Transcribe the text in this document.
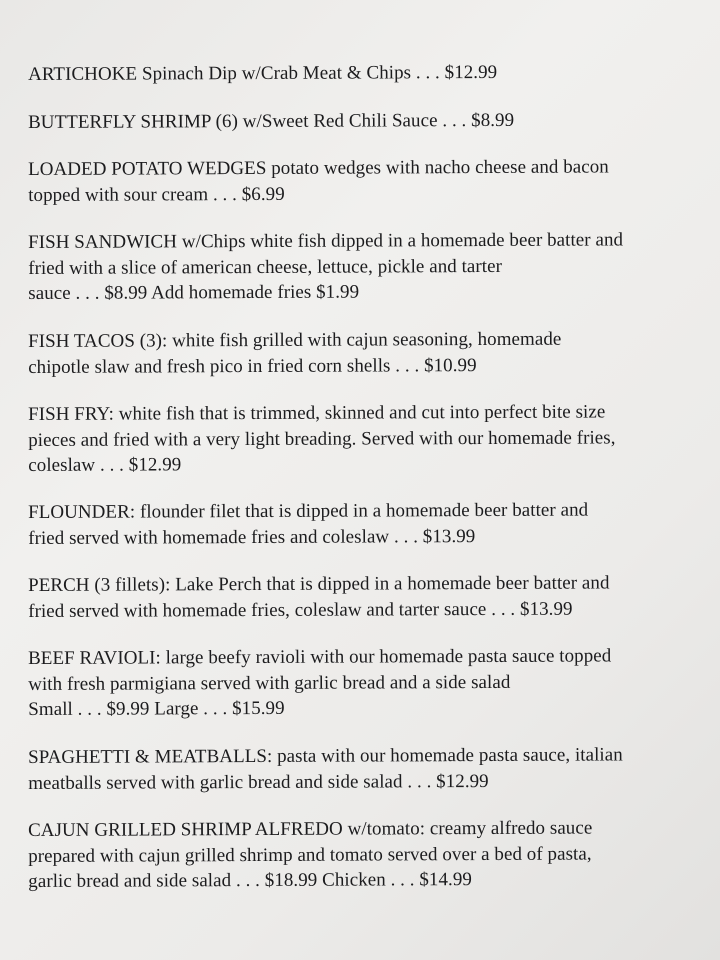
ARTICHOKE Spinach Dip w/Crab Meat & Chips . . . $12.99
BUTTERFLY SHRIMP (6) w/Sweet Red Chili Sauce . . . $8.99
LOADED POTATO WEDGES potato wedges with nacho cheese and bacon
topped with sour cream . . . $6.99
FISH SANDWICH w/Chips white fish dipped in a homemade beer batter and
fried with a slice of american cheese, lettuce, pickle and tarter
sauce . . . $8.99 Add homemade fries $1.99
FISH TACOS (3): white fish grilled with cajun seasoning, homemade
chipotle slaw and fresh pico in fried corn shells . . . $10.99
FISH FRY: white fish that is trimmed, skinned and cut into perfect bite size
pieces and fried with a very light breading. Served with our homemade fries,
coleslaw . . . $12.99
FLOUNDER: flounder filet that is dipped in a homemade beer batter and
fried served with homemade fries and coleslaw . . . $13.99
PERCH (3 fillets): Lake Perch that is dipped in a homemade beer batter and
fried served with homemade fries, coleslaw and tarter sauce . . . $13.99
BEEF RAVIOLI: large beefy ravioli with our homemade pasta sauce topped
with fresh parmigiana served with garlic bread and a side salad
Small . . . $9.99 Large . . . $15.99
SPAGHETTI & MEATBALLS: pasta with our homemade pasta sauce, italian
meatballs served with garlic bread and side salad . . . $12.99
CAJUN GRILLED SHRIMP ALFREDO w/tomato: creamy alfredo sauce
prepared with cajun grilled shrimp and tomato served over a bed of pasta,
garlic bread and side salad . . . $18.99 Chicken . . . $14.99
